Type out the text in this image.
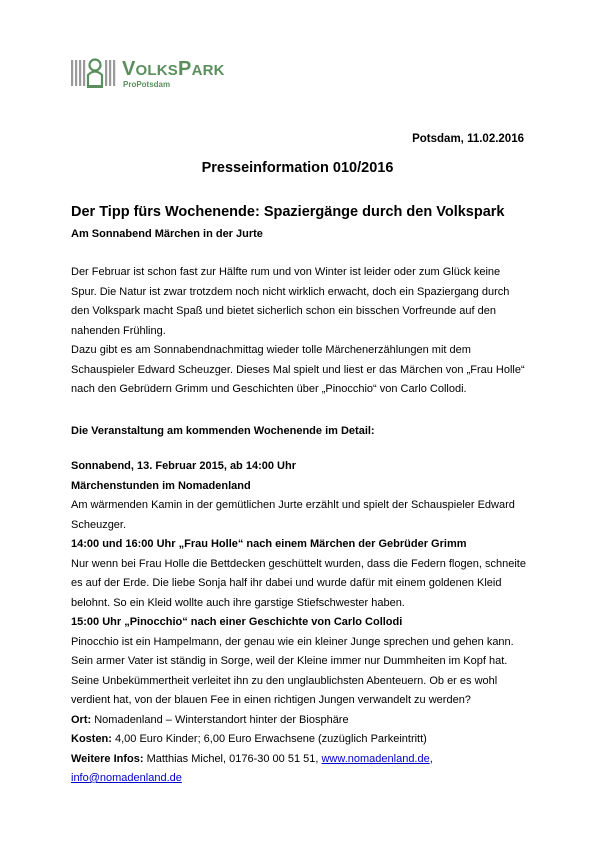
VOLKSPARK
ProPotsdam
Potsdam, 11.02.2016
Presseinformation 010/2016
Der Tipp fürs Wochenende: Spaziergänge durch den Volkspark
Am Sonnabend Märchen in der Jurte

Der Februar ist schon fast zur Hälfte rum und von Winter ist leider oder zum Glück keine Spur. Die Natur ist zwar trotzdem noch nicht wirklich erwacht, doch ein Spaziergang durch den Volkspark macht Spaß und bietet sicherlich schon ein bisschen Vorfreunde auf den nahenden Frühling.

Dazu gibt es am Sonnabendnachmittag wieder tolle Märchenerzählungen mit dem Schauspieler Edward Scheuzger. Dieses Mal spielt und liest er das Märchen von „Frau Holle“ nach den Gebrüdern Grimm und Geschichten über „Pinocchio“ von Carlo Collodi.

Die Veranstaltung am kommenden Wochenende im Detail:

Sonnabend, 13. Februar 2015, ab 14:00 Uhr

Märchenstunden im Nomadenland

Am wärmenden Kamin in der gemütlichen Jurte erzählt und spielt der Schauspieler Edward Scheuzger.

14:00 und 16:00 Uhr „Frau Holle“ nach einem Märchen der Gebrüder Grimm

Nur wenn bei Frau Holle die Bettdecken geschüttelt wurden, dass die Federn flogen, schneite es auf der Erde. Die liebe Sonja half ihr dabei und wurde dafür mit einem goldenen Kleid belohnt. So ein Kleid wollte auch ihre garstige Stiefschwester haben.

15:00 Uhr „Pinocchio“ nach einer Geschichte von Carlo Collodi

Pinocchio ist ein Hampelmann, der genau wie ein kleiner Junge sprechen und gehen kann. Sein armer Vater ist ständig in Sorge, weil der Kleine immer nur Dummheiten im Kopf hat. Seine Unbekümmertheit verleitet ihn zu den unglaublichsten Abenteuern. Ob er es wohl verdient hat, von der blauen Fee in einen richtigen Jungen verwandelt zu werden?

Ort: Nomadenland – Winterstandort hinter der Biosphäre

Kosten: 4,00 Euro Kinder; 6,00 Euro Erwachsene (zuzüglich Parkeintritt)

Weitere Infos: Matthias Michel, 0176-30 00 51 51, www.nomadenland.de,

info@nomadenland.de
